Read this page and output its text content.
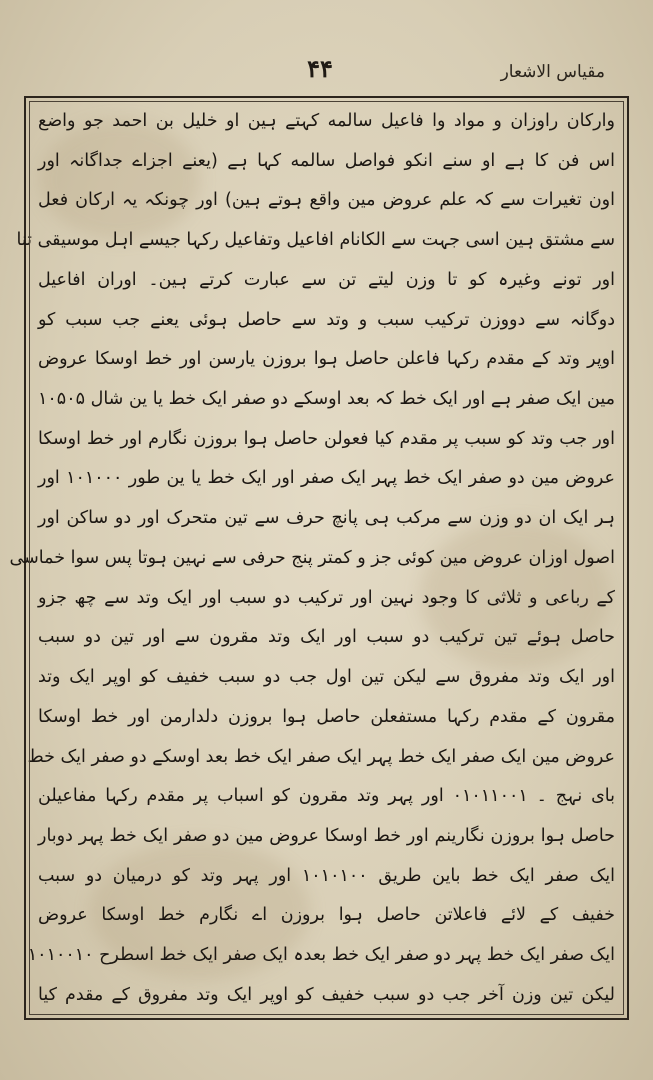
مقیاس الاشعار
۴۴
وارکان راوزان و مواد وا فاعیل سالمه کہتے ہین او خلیل بن احمد جو واضع
اس فن کا ہے او سنے انکو فواصل سالمه کہا ہے (یعنے اجزاے جداگانہ اور
اون تغیرات سے کہ علم عروض مین واقع ہوتے ہین) اور چونکہ یہ ارکان فعل
سے مشتق ہین اسی جہت سے الکانام افاعیل وتفاعیل رکہا جیسے اہل موسیقی تنا
اور تونے وغیرہ کو تا وزن لیتے تن سے عبارت کرتے ہین۔ اوران افاعیل
دوگانہ سے دووزن ترکیب سبب و وتد سے حاصل ہوئی یعنے جب سبب کو
اوپر وتد کے مقدم رکہا فاعلن حاصل ہوا بروزن یارسن اور خط اوسکا عروض
مین ایک صفر ہے اور ایک خط کہ بعد اوسکے دو صفر ایک خط یا ین شال ۱۰۵۰۵
اور جب وتد کو سبب پر مقدم کیا فعولن حاصل ہوا بروزن نگارم اور خط اوسکا
عروض مین دو صفر ایک خط پہر ایک صفر اور ایک خط یا ین طور ۱۰۱۰۰۰ اور
ہر ایک ان دو وزن سے مرکب ہی پانچ حرف سے تین متحرک اور دو ساکن اور
اصول اوزان عروض مین کوئی جز و کمتر پنج حرفی سے نہین ہوتا پس سوا خماسی
کے رباعی و ثلاثی کا وجود نہین اور ترکیب دو سبب اور ایک وتد سے چھ جزو
حاصل ہوئے تین ترکیب دو سبب اور ایک وتد مقرون سے اور تین دو سبب
اور ایک وتد مفروق سے لیکن تین اول جب دو سبب خفیف کو اوپر ایک وتد
مقرون کے مقدم رکہا مستفعلن حاصل ہوا بروزن دلدارمن اور خط اوسکا
عروض مین ایک صفر ایک خط پہر ایک صفر ایک خط بعد اوسکے دو صفر ایک خط
بای نہج ۔ ۰۱۰۱۱۰۰۱ اور پہر وتد مقرون کو اسباب پر مقدم رکہا مفاعیلن
حاصل ہوا بروزن نگارینم اور خط اوسکا عروض مین دو صفر ایک خط پہر دوبار
ایک صفر ایک خط باین طریق ۱۰۱۰۱۰۰ اور پہر وتد کو درمیان دو سبب
خفیف کے لائے فاعلاتن حاصل ہوا بروزن اے نگارم خط اوسکا عروض
ایک صفر ایک خط پہر دو صفر ایک خط بعدہ ایک صفر ایک خط اسطرح ۱۰۱۰۰۱۰
لیکن تین وزن آخر جب دو سبب خفیف کو اوپر ایک وتد مفروق کے مقدم کیا
